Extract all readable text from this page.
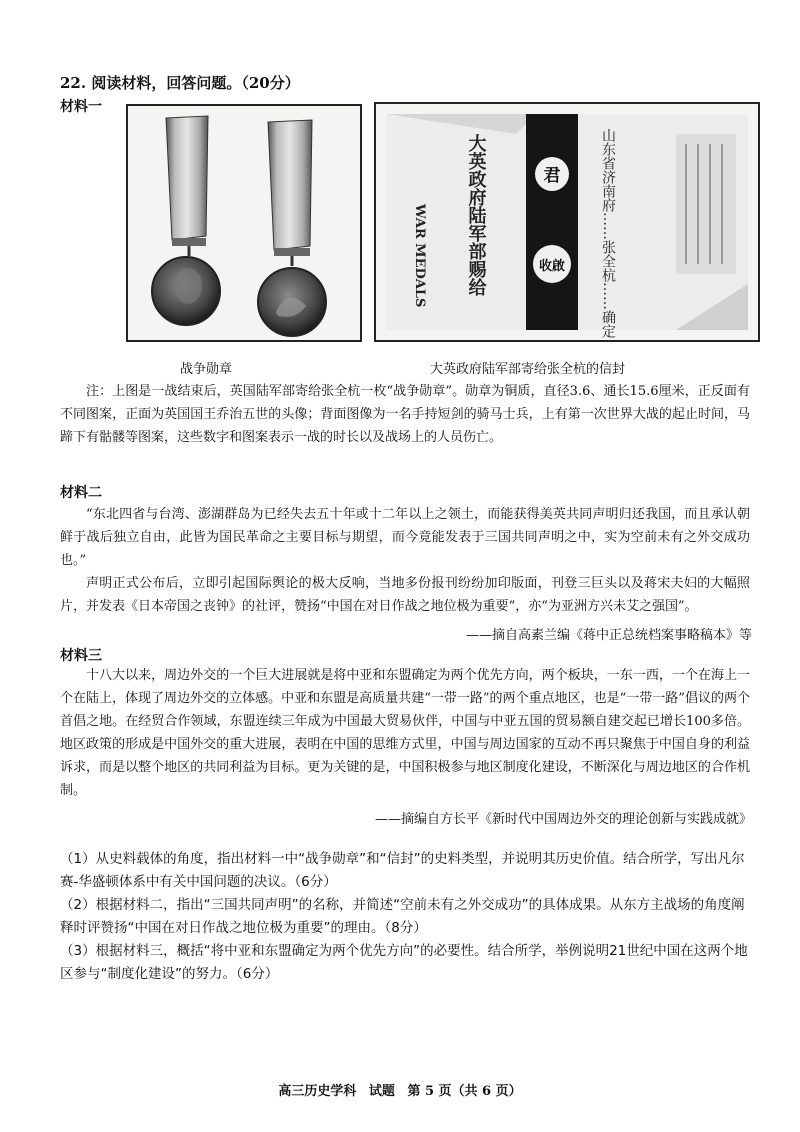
22. 阅读材料，回答问题。（20分）
材料一
WAR MEDALS 大英政府陆军部赐给	君
收啟 山东省济南府……张全杭……确定
战争勋章	大英政府陆军部寄给张全杭的信封
注：上图是一战结束后，英国陆军部寄给张全杭一枚“战争勋章”。勋章为铜质，直径3.6、通长15.6厘米，正反面有不同图案，正面为英国国王乔治五世的头像；背面图像为一名手持短剑的骑马士兵，上有第一次世界大战的起止时间，马蹄下有骷髅等图案，这些数字和图案表示一战的时长以及战场上的人员伤亡。
材料二
“东北四省与台湾、澎湖群岛为已经失去五十年或十二年以上之领土，而能获得美英共同声明归还我国，而且承认朝鲜于战后独立自由，此皆为国民革命之主要目标与期望，而今竟能发表于三国共同声明之中，实为空前未有之外交成功也。”
声明正式公布后，立即引起国际舆论的极大反响，当地多份报刊纷纷加印版面，刊登三巨头以及蒋宋夫妇的大幅照片，并发表《日本帝国之丧钟》的社评，赞扬“中国在对日作战之地位极为重要”，亦“为亚洲方兴未艾之强国”。
——摘自高素兰编《蒋中正总统档案事略稿本》等
材料三
十八大以来，周边外交的一个巨大进展就是将中亚和东盟确定为两个优先方向，两个板块，一东一西，一个在海上一个在陆上，体现了周边外交的立体感。中亚和东盟是高质量共建“一带一路”的两个重点地区，也是“一带一路”倡议的两个首倡之地。在经贸合作领域，东盟连续三年成为中国最大贸易伙伴，中国与中亚五国的贸易额自建交起已增长100多倍。地区政策的形成是中国外交的重大进展，表明在中国的思维方式里，中国与周边国家的互动不再只聚焦于中国自身的利益诉求，而是以整个地区的共同利益为目标。更为关键的是，中国积极参与地区制度化建设，不断深化与周边地区的合作机制。
——摘编自方长平《新时代中国周边外交的理论创新与实践成就》
（1）从史料载体的角度，指出材料一中“战争勋章”和“信封”的史料类型，并说明其历史价值。结合所学，写出凡尔赛-华盛顿体系中有关中国问题的决议。（6分）
（2）根据材料二，指出“三国共同声明”的名称，并简述“空前未有之外交成功”的具体成果。从东方主战场的角度阐释时评赞扬“中国在对日作战之地位极为重要”的理由。（8分）
（3）根据材料三，概括“将中亚和东盟确定为两个优先方向”的必要性。结合所学，举例说明21世纪中国在这两个地区参与“制度化建设”的努力。（6分）
高三历史学科 试题 第 5 页（共 6 页）
